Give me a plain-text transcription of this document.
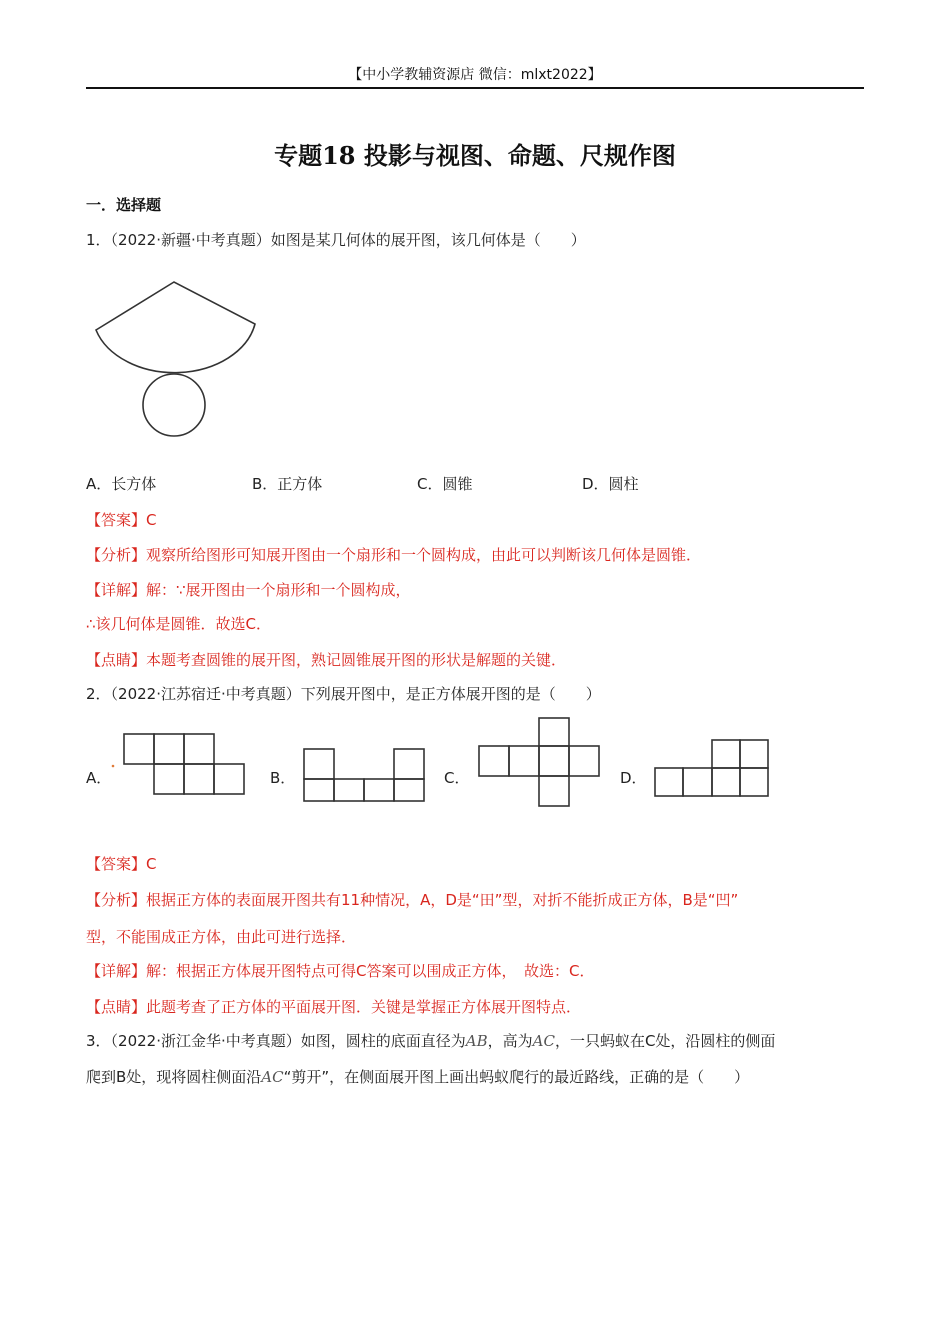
【中小学教辅资源店 微信：mlxt2022】
专题18 投影与视图、命题、尺规作图
一．选择题
1．（2022·新疆·中考真题）如图是某几何体的展开图，该几何体是（　　）
A．长方体	B．正方体	C．圆锥	D．圆柱
【答案】C
【分析】观察所给图形可知展开图由一个扇形和一个圆构成，由此可以判断该几何体是圆锥．
【详解】解：∵展开图由一个扇形和一个圆构成，
∴该几何体是圆锥．故选C．
【点睛】本题考查圆锥的展开图，熟记圆锥展开图的形状是解题的关键．
2．（2022·江苏宿迁·中考真题）下列展开图中，是正方体展开图的是（　　）
A．	B．	C．	D．
【答案】C
【分析】根据正方体的表面展开图共有11种情况，A，D是“田”型，对折不能折成正方体，B是“凹”
型，不能围成正方体，由此可进行选择．
【详解】解：根据正方体展开图特点可得C答案可以围成正方体，　故选：C．
【点睛】此题考查了正方体的平面展开图．关键是掌握正方体展开图特点．
3．（2022·浙江金华·中考真题）如图，圆柱的底面直径为AB，高为AC，一只蚂蚁在C处，沿圆柱的侧面
爬到B处，现将圆柱侧面沿AC“剪开”，在侧面展开图上画出蚂蚁爬行的最近路线，正确的是（　　）
